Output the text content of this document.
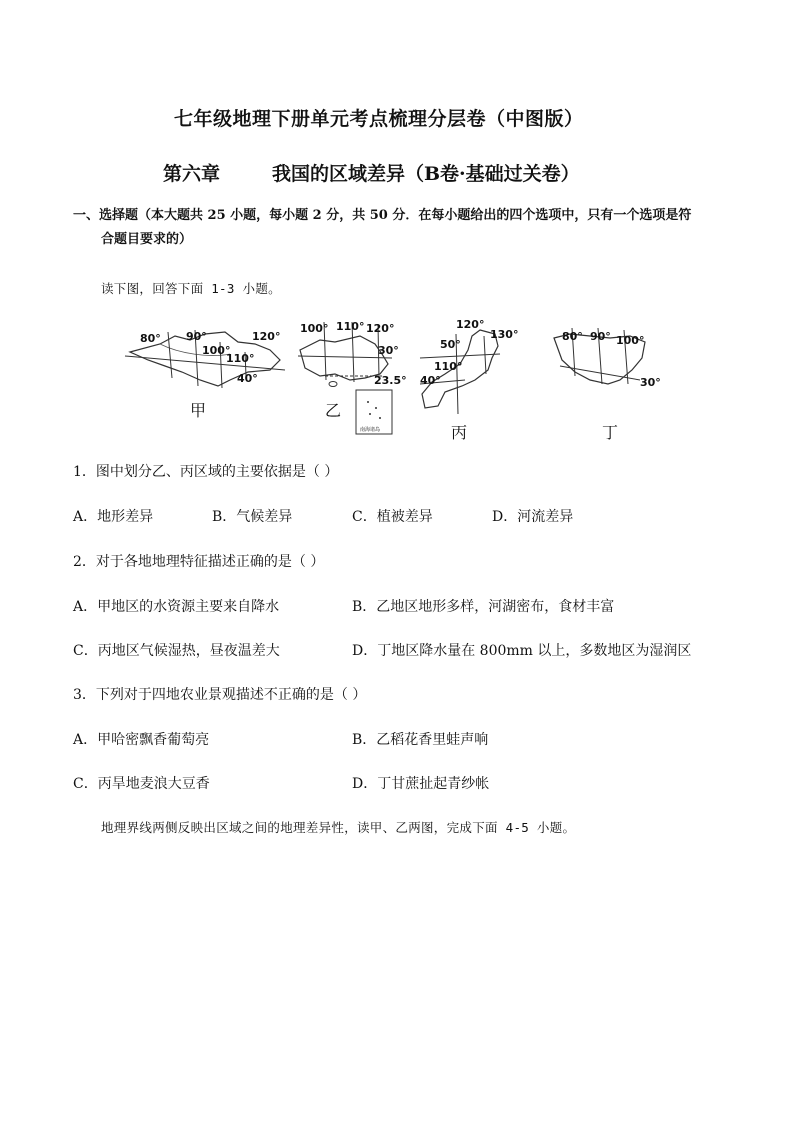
七年级地理下册单元考点梳理分层卷（中图版）
第六章	我国的区域差异（B卷·基础过关卷）
一、选择题（本大题共 25 小题，每小题 2 分，共 50 分．在每小题给出的四个选项中，只有一个选项是符
合题目要求的）
读下图，回答下面 1-3 小题。
80° 90°
100°
110°
120°
40°
100° 110° 120°
30°
23.5°
南海诸岛
120°
130°
50°
110°
40°
80° 90° 100°
30°
甲	乙
丙	丁
1．图中划分乙、丙区域的主要依据是（ ）
A．地形差异	B．气候差异	C．植被差异	D．河流差异
2．对于各地地理特征描述正确的是（ ）
A．甲地区的水资源主要来自降水	B．乙地区地形多样，河湖密布，食材丰富
C．丙地区气候湿热，昼夜温差大	D．丁地区降水量在 800mm 以上，多数地区为湿润区
3．下列对于四地农业景观描述不正确的是（ ）
A．甲哈密飘香葡萄亮	B．乙稻花香里蛙声响
C．丙旱地麦浪大豆香	D．丁甘蔗扯起青纱帐
地理界线两侧反映出区域之间的地理差异性，读甲、乙两图，完成下面 4-5 小题。
